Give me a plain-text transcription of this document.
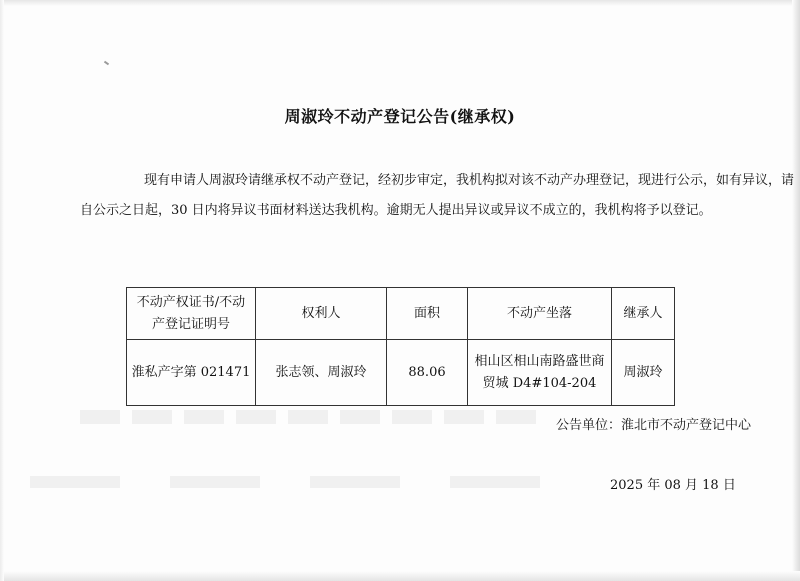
周淑玲不动产登记公告(继承权)
现有申请人周淑玲请继承权不动产登记，经初步审定，我机构拟对该不动产办理登记，现进行公示，如有异议，请
自公示之日起，30 日内将异议书面材料送达我机构。逾期无人提出异议或异议不成立的，我机构将予以登记。
不动产权证书/不动产登记证明号	权利人	面积	不动产坐落	继承人
淮私产字第 021471	张志领、周淑玲	88.06	相山区相山南路盛世商贸城 D4#104-204	周淑玲
公告单位：淮北市不动产登记中心
2025 年 08 月 18 日
